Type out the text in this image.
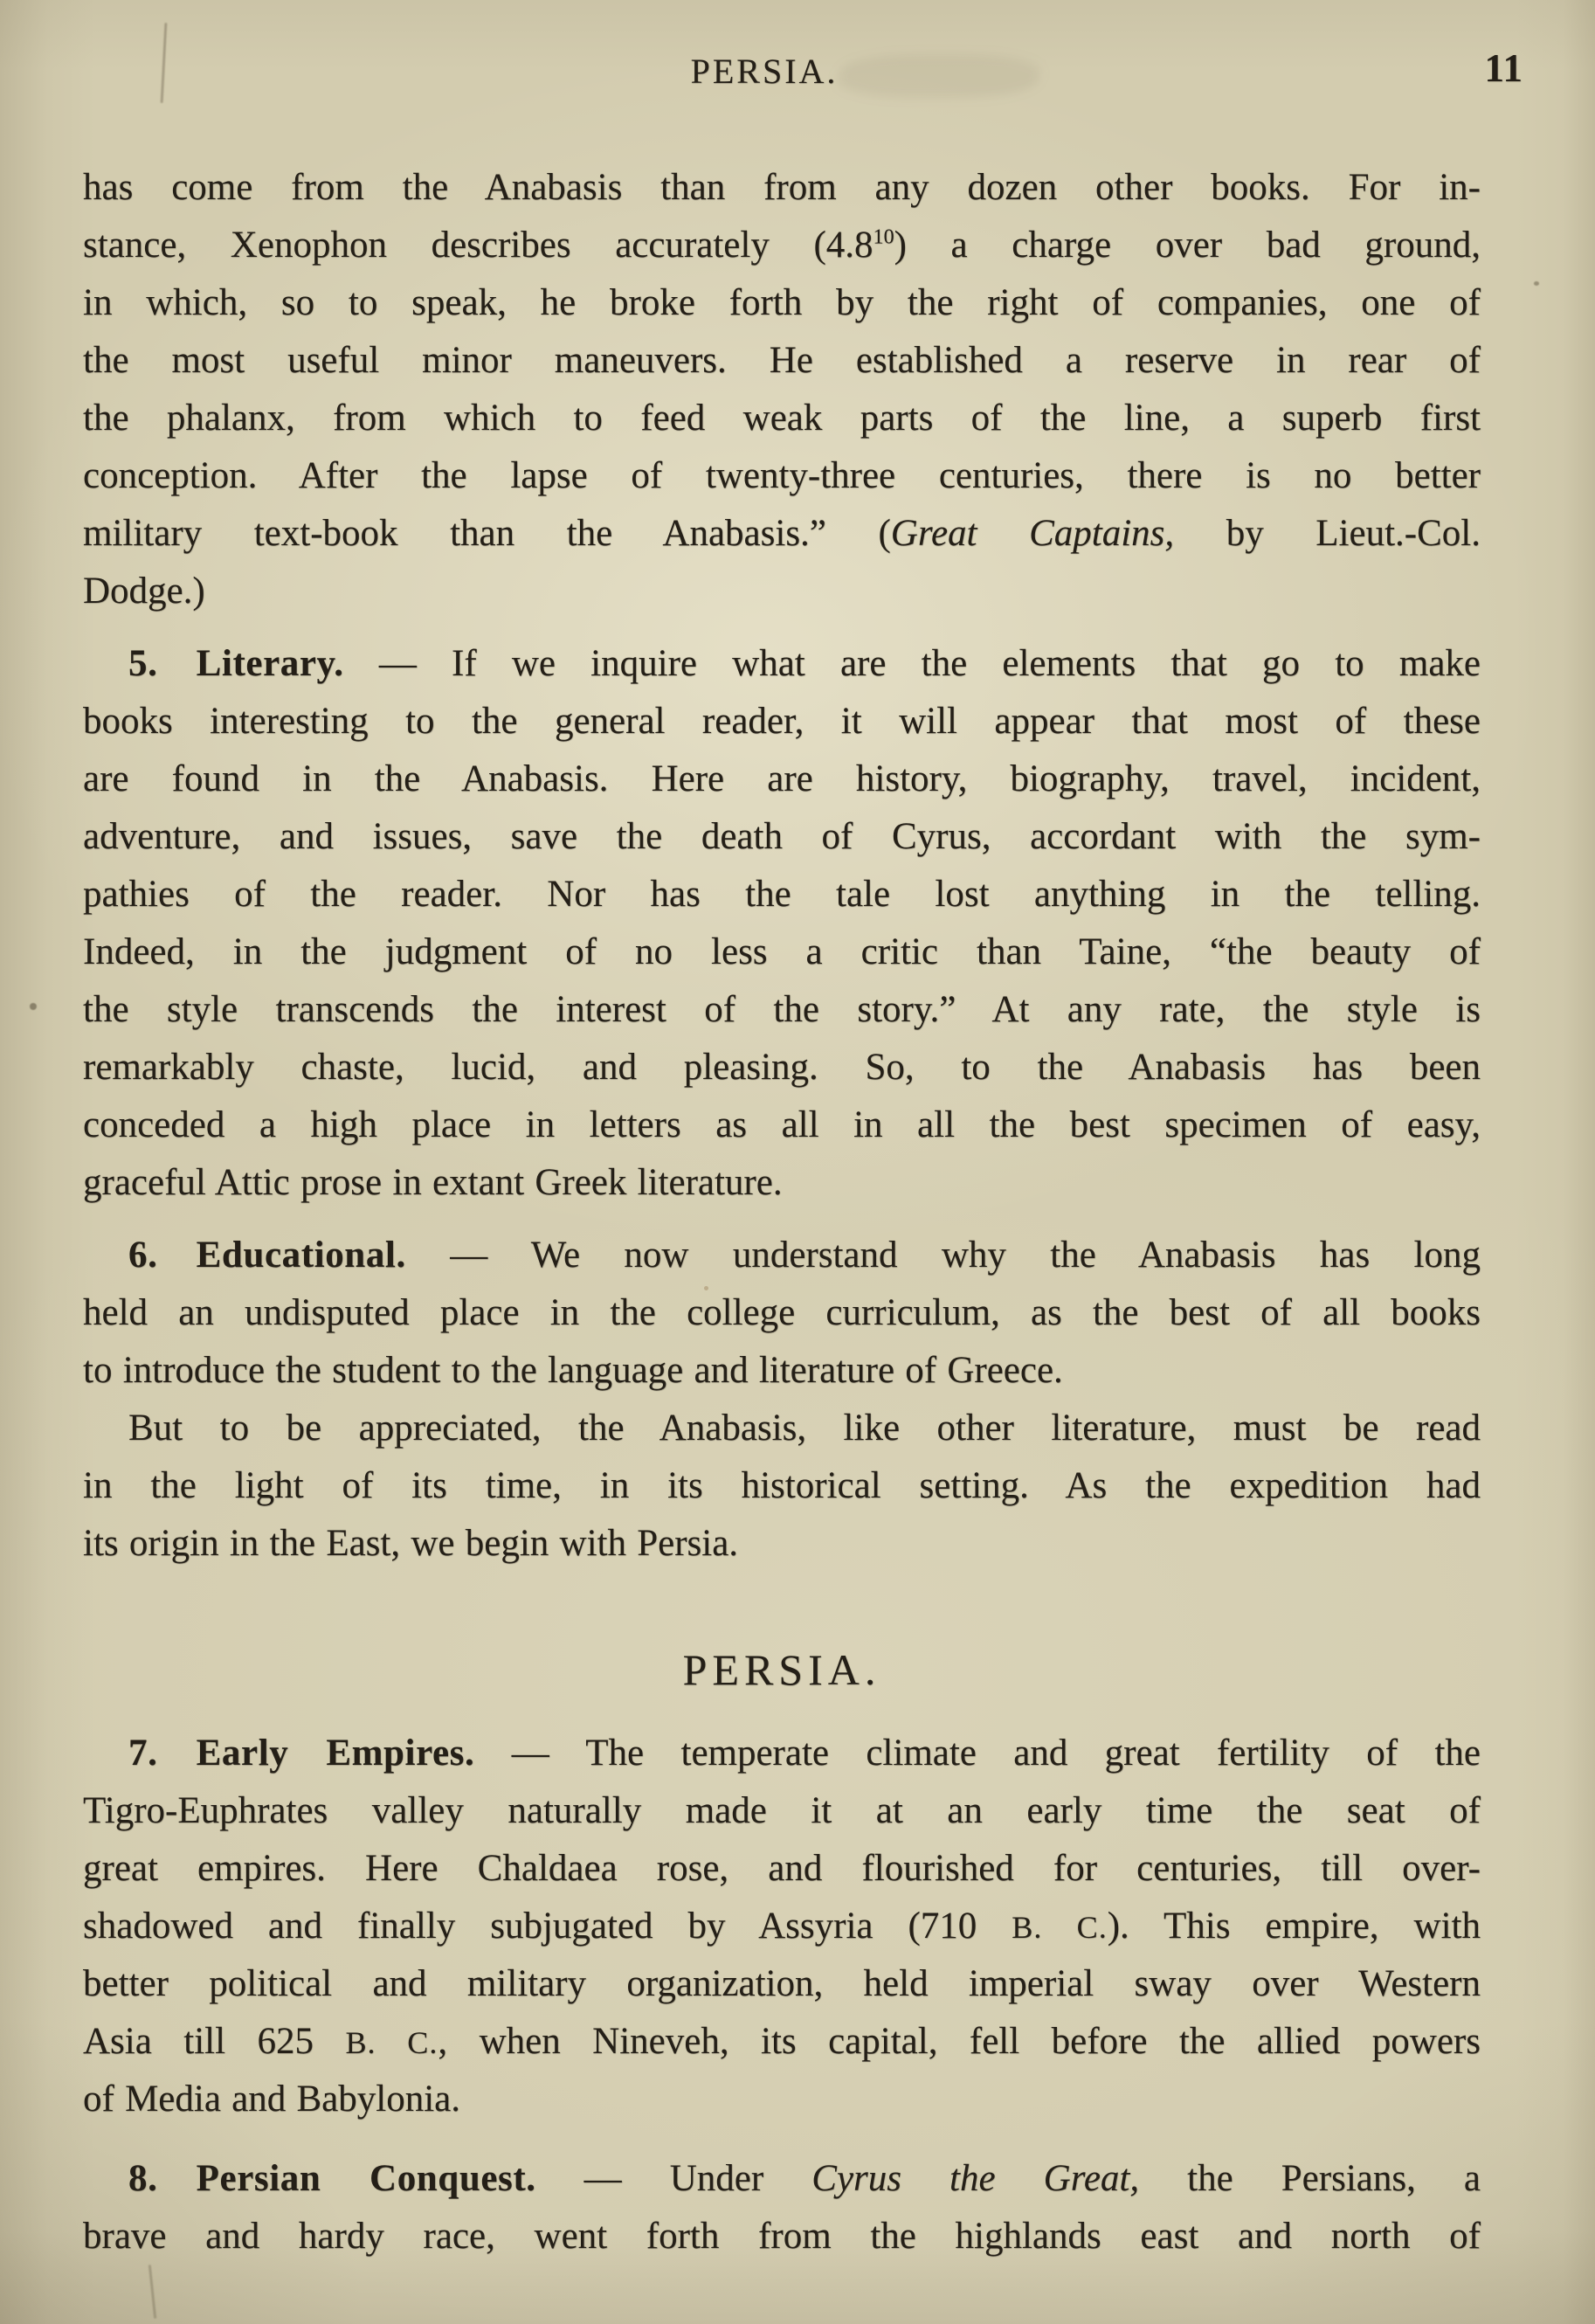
PERSIA.	11
has come from the Anabasis than from any dozen other books. For in-
stance, Xenophon describes accurately $(4.8^{10})$ a charge over bad ground,
in which, so to speak, he broke forth by the right of companies, one of
the most useful minor maneuvers. He established a reserve in rear of
the phalanx, from which to feed weak parts of the line, a superb first
conception. After the lapse of twenty-three centuries, there is no better
military text-book than the Anabasis.” (Great Captains, by Lieut.-Col.
Dodge.)
5.  Literary. — If we inquire what are the elements that go to make
books interesting to the general reader, it will appear that most of these
are found in the Anabasis. Here are history, biography, travel, incident,
adventure, and issues, save the death of Cyrus, accordant with the sym-
pathies of the reader. Nor has the tale lost anything in the telling.
Indeed, in the judgment of no less a critic than Taine, “the beauty of
the style transcends the interest of the story.” At any rate, the style is
remarkably chaste, lucid, and pleasing. So, to the Anabasis has been
conceded a high place in letters as all in all the best specimen of easy,
graceful Attic prose in extant Greek literature.
6.  Educational. — We now understand why the Anabasis has long
held an undisputed place in the college curriculum, as the best of all books
to introduce the student to the language and literature of Greece.
But to be appreciated, the Anabasis, like other literature, must be read
in the light of its time, in its historical setting. As the expedition had
its origin in the East, we begin with Persia.
PERSIA.
7.  Early Empires. — The temperate climate and great fertility of the
Tigro-Euphrates valley naturally made it at an early time the seat of
great empires. Here Chaldaea rose, and flourished for centuries, till over-
shadowed and finally subjugated by Assyria (710 B. C.). This empire, with
better political and military organization, held imperial sway over Western
Asia till 625 B. C., when Nineveh, its capital, fell before the allied powers
of Media and Babylonia.
8.  Persian Conquest. — Under Cyrus the Great, the Persians, a
brave and hardy race, went forth from the highlands east and north of
